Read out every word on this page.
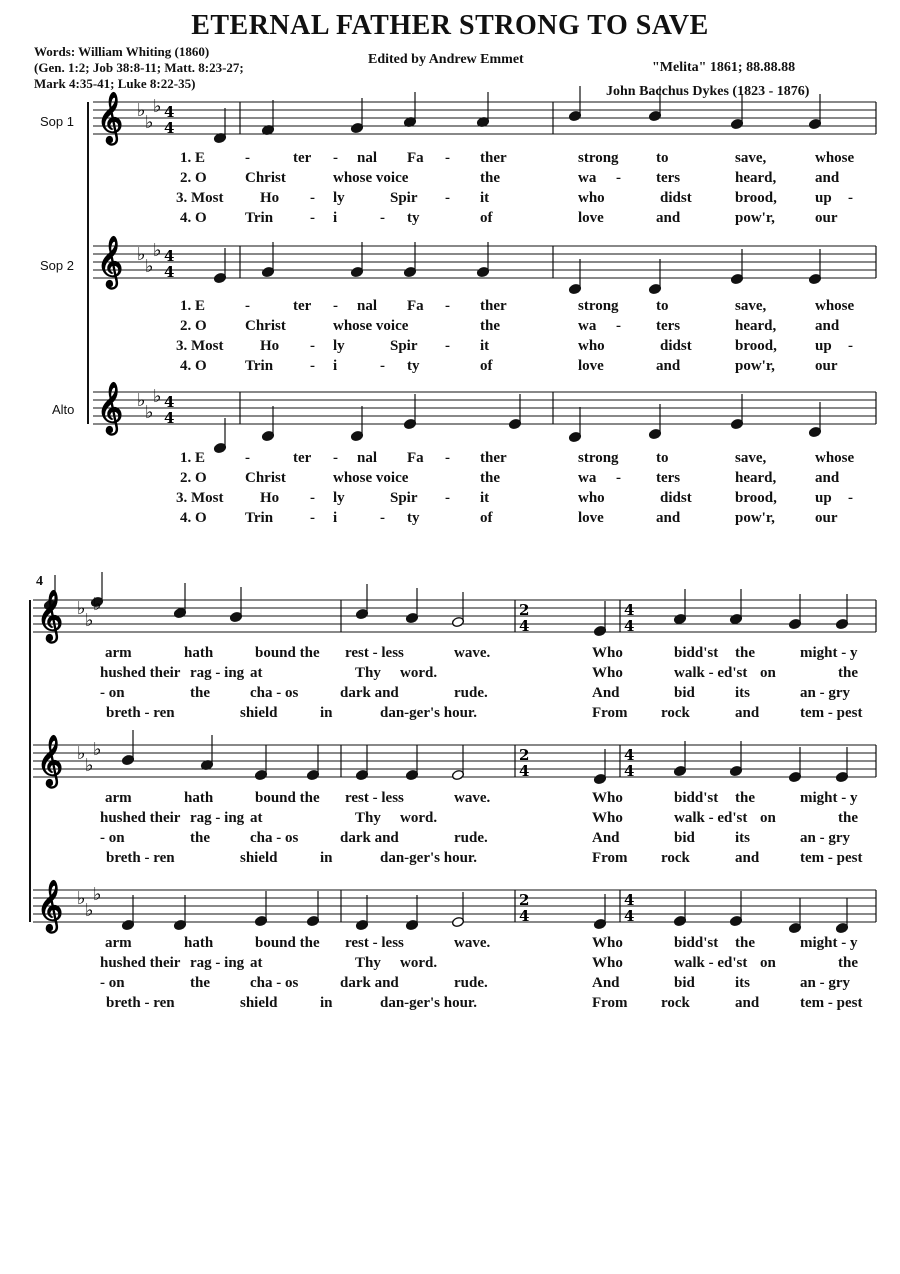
ETERNAL FATHER STRONG TO SAVE
Words: William Whiting (1860)
(Gen. 1:2; Job 38:8-11; Matt. 8:23-27;
Mark 4:35-41; Luke 8:22-35)
Edited by Andrew Emmet
"Melita" 1861; 88.88.88
John Bacchus Dykes (1823 - 1876)
Sop 1
Sop 2
Alto
4
𝄞 ♭
♭
♭ 4
4
𝄞 ♭
♭
♭ 4
4
𝄞 ♭
♭
♭ 4
4
𝄞 ♭
♭
♭	2
4
4
4
𝄞 ♭
♭
♭	2
4
4
4
𝄞 ♭
♭
♭	2
4
4
4
1. E	-	ter - nal Fa - ther	strong to	save,	whose
2. O	Christ	whose voice	the	wa - ters	heard,	and
3. Most Ho - ly	Spir - it	who	didst	brood,	up -
4. O	Trin - i	- ty	of	love	and	pow'r,	our
1. E	-	ter - nal Fa - ther	strong to	save,	whose
2. O	Christ	whose voice	the	wa - ters	heard,	and
3. Most Ho - ly	Spir - it	who	didst	brood,	up -
4. O	Trin - i	- ty	of	love	and	pow'r,	our
1. E	-	ter - nal Fa - ther	strong to	save,	whose
2. O	Christ	whose voice	the	wa - ters	heard,	and
3. Most Ho - ly	Spir - it	who	didst	brood,	up -
4. O	Trin - i	- ty	of	love	and	pow'r,	our
arm	hath	bound the rest - less	wave.	Who	bidd'st the	might - y
hushed their rag - ing at	Thy word.	Who	walk - ed'st on	the
- on	the	cha - os	dark and	rude.	And	bid	its	an - gry
breth - ren	shield	in	dan-ger's hour.	From rock	and	tem - pest
arm	hath	bound the rest - less	wave.	Who	bidd'st the	might - y
hushed their rag - ing at	Thy word.	Who	walk - ed'st on	the
- on	the	cha - os	dark and	rude.	And	bid	its	an - gry
breth - ren	shield	in	dan-ger's hour.	From rock	and	tem - pest
arm	hath	bound the rest - less	wave.	Who	bidd'st the	might - y
hushed their rag - ing at	Thy word.	Who	walk - ed'st on	the
- on	the	cha - os	dark and	rude.	And	bid	its	an - gry
breth - ren	shield	in	dan-ger's hour.	From rock	and	tem - pest
